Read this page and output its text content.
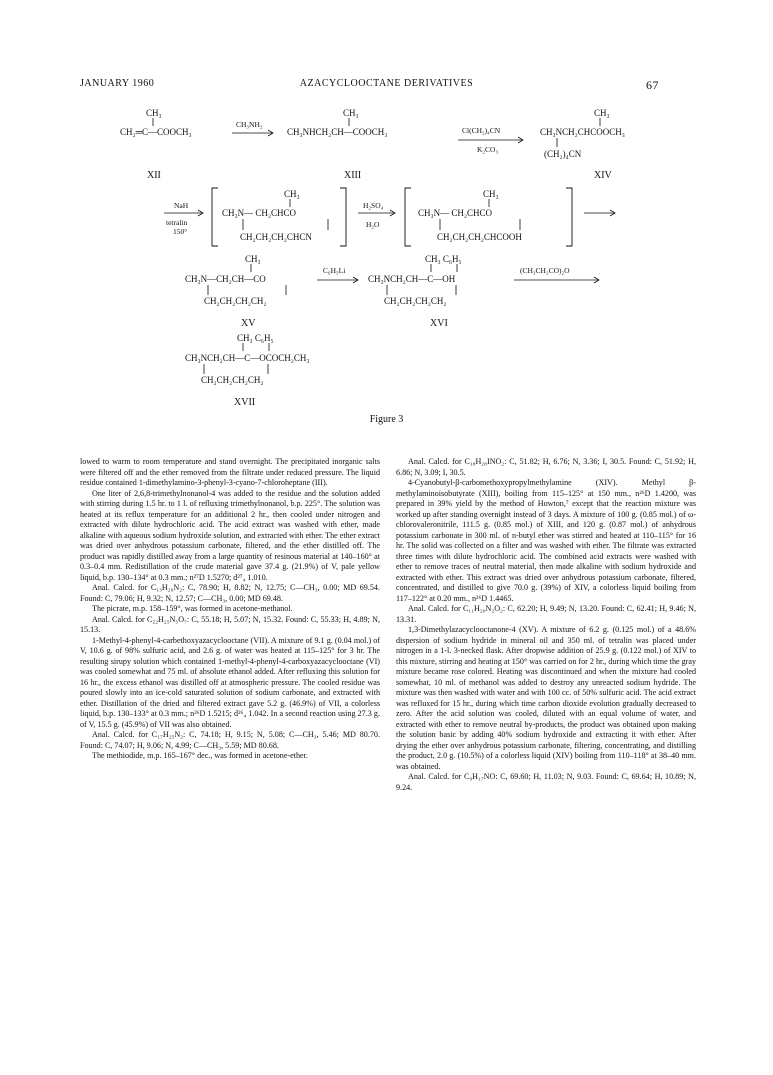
JANUARY 1960	AZACYCLOOCTANE DERIVATIVES	67
CH₃
CH₂═C—COOCH₃
XII
CH₃NH₂
CH₃
CH₃NHCH₂CH—COOCH₃
XIII
Cl(CH₂)₄CN
K₂CO₃
CH₃
CH₃NCH₂CHCOOCH₃
(CH₂)₄CN
XIV
NaH
tetralin
150°
CH₃
CH₃N— CH₂CHCO
CH₂CH₂CH₂CHCN
H₂SO₄
H₂O
CH₃
CH₃N— CH₂CHCO
CH₂CH₂CH₂CHCOOH
CH₃
CH₃N—CH₂CH—CO
CH₂CH₂CH₂CH₂
XV
C₆H₅Li
CH₃ C₆H₅
CH₃NCH₂CH—C—OH
CH₂CH₂CH₂CH₂
XVI
(CH₃CH₂CO)₂O
CH₃ C₆H₅
CH₃NCH₂CH—C—OCOCH₂CH₃
CH₂CH₂CH₂CH₂
XVII
Figure 3

lowed to warm to room temperature and stand overnight. The precipitated inorganic salts were filtered off and the ether removed from the filtrate under reduced pressure. The liquid residue contained 1-dimethylamino-3-phenyl-3-cyano-7-chloroheptane (III).

One liter of 2,6,8-trimethylnonanol-4 was added to the residue and the solution added with stirring during 1.5 hr. to 1 l. of refluxing trimethylnonanol, b.p. 225°. The solution was heated at its reflux temperature for an additional 2 hr., then cooled under nitrogen and extracted with dilute hydrochloric acid. The acid extract was washed with ether, made alkaline with aqueous sodium hydroxide solution, and extracted with ether. The ether extract was dried over anhydrous potassium carbonate, filtered, and the ether distilled off. The product was rapidly distilled away from a large quantity of resinous material at 140–160° at 0.3–0.4 mm. Redistillation of the crude material gave 37.4 g. (21.9%) of V, pale yellow liquid, b.p. 130–134° at 0.3 mm.; n²⁷D 1.5270; d²⁷₄ 1.010.

Anal. Calcd. for C₁₃H₂₆N₂: C, 78.90; H, 8.82; N, 12.75; C—CH₃, 0.00; MD 69.54. Found: C, 79.06; H, 9.32; N, 12.57; C—CH₃, 0.00; MD 69.48.

The picrate, m.p. 158–159°, was formed in acetone-methanol.

Anal. Calcd. for C₂₂H₂₅N₅O₇: C, 55.18; H, 5.07; N, 15.32. Found: C, 55.33; H, 4.89; N, 15.13.

1-Methyl-4-phenyl-4-carbethoxyazacyclooctane (VII). A mixture of 9.1 g. (0.04 mol.) of V, 10.6 g. of 98% sulfuric acid, and 2.6 g. of water was heated at 115–125° for 3 hr. The resulting sirupy solution which contained 1-methyl-4-phenyl-4-carboxyazacyclooctane (VI) was cooled somewhat and 75 ml. of absolute ethanol added. After refluxing this solution for 16 hr., the excess ethanol was distilled off at atmospheric pressure. The cooled residue was poured slowly into an ice-cold saturated solution of sodium carbonate, and extracted with ether. Distillation of the dried and filtered extract gave 5.2 g. (46.9%) of VII, a colorless liquid, b.p. 130–133° at 0.3 mm.; n²⁶D 1.5215; d²⁶₄ 1.042. In a second reaction using 27.3 g. of V, 15.5 g. (45.9%) of VII was also obtained.

Anal. Calcd. for C₁₇H₂₅N₂: C, 74.18; H, 9.15; N, 5.08; C—CH₃, 5.46; MD 80.70. Found: C, 74.07; H, 9.06; N, 4.99; C—CH₃, 5.59; MD 80.68.

The methiodide, m.p. 165–167° dec., was formed in acetone-ether.

Anal. Calcd. for C₁₈H₂₈INO₂: C, 51.82; H, 6.76; N, 3.36; I, 30.5. Found: C, 51.92; H, 6.86; N, 3.09; I, 30.5.

4-Cyanobutyl-β-carbomethoxypropylmethylamine (XIV). Methyl β-methylaminoisobutyrate (XIII), boiling from 115–125° at 150 mm., n²⁶D 1.4200, was prepared in 39% yield by the method of Howton,⁷ except that the reaction mixture was worked up after standing overnight instead of 3 days. A mixture of 100 g. (0.85 mol.) of ω-chlorovaleronitrile, 111.5 g. (0.85 mol.) of XIII, and 120 g. (0.87 mol.) of anhydrous potassium carbonate in 300 ml. of n-butyl ether was stirred and heated at 110–115° for 16 hr. The solid was collected on a filter and was washed with ether. The filtrate was extracted three times with dilute hydrochloric acid. The combined acid extracts were washed with ether to remove traces of neutral material, then made alkaline with sodium hydroxide and extracted with ether. This extract was dried over anhydrous potassium carbonate, filtered, concentrated, and distilled to give 70.0 g. (39%) of XIV, a colorless liquid boiling from 117–122° at 0.20 mm., n²⁶D 1.4465.

Anal. Calcd. for C₁₁H₂₀N₂O₂: C, 62.20; H, 9.49; N, 13.20. Found: C, 62.41; H, 9.46; N, 13.31.

1,3-Dimethylazacyclooctanone-4 (XV). A mixture of 6.2 g. (0.125 mol.) of a 48.6% dispersion of sodium hydride in mineral oil and 350 ml. of tetralin was placed under nitrogen in a 1-l. 3-necked flask. After dropwise addition of 25.9 g. (0.122 mol.) of XIV to this mixture, stirring and heating at 150° was carried on for 2 hr., during which time the gray mixture became rose colored. Heating was discontinued and when the mixture had cooled somewhat, 10 ml. of methanol was added to destroy any unreacted sodium hydride. The mixture was then washed with water and with 100 cc. of 50% sulfuric acid. The acid extract was refluxed for 15 hr., during which time carbon dioxide evolution gradually decreased to zero. After the acid solution was cooled, diluted with an equal volume of water, and extracted with ether to remove neutral by-products, the product was obtained upon making the solution basic by adding 40% sodium hydroxide and extracting it with ether. After drying the ether over anhydrous potassium carbonate, filtering, concentrating, and distilling the product, 2.0 g. (10.5%) of a colorless liquid (XIV) boiling from 110–118° at 38–40 mm. was obtained.

Anal. Calcd. for C₉H₁₇NO: C, 69.60; H, 11.03; N, 9.03. Found: C, 69.64; H, 10.89; N, 9.24.
